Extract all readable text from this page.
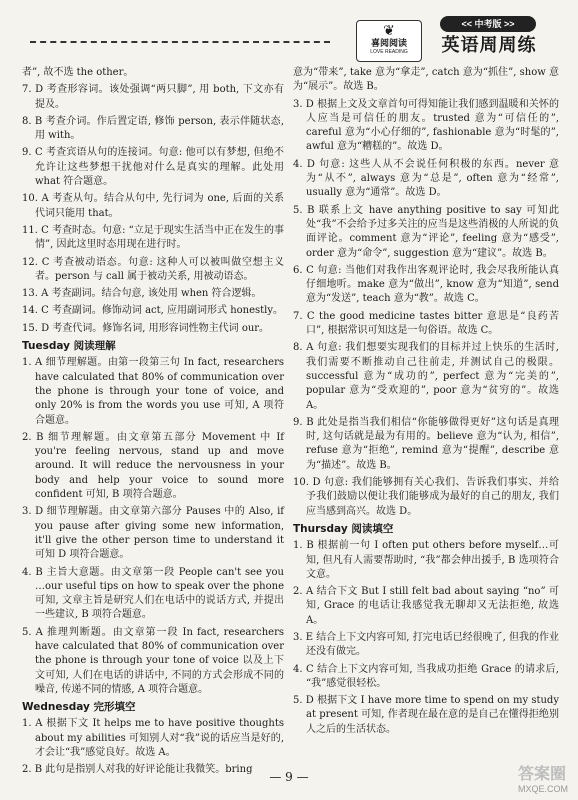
❦
喜阅阅读
LOVE READING
<< 中考版 >>
英语周周练
者”, 故不选 the other。
7. D 考查形容词。该处强调“两只脚”, 用 both, 下文亦有提及。
8. B 考查介词。作后置定语, 修饰 person, 表示伴随状态, 用 with。
9. C 考查宾语从句的连接词。句意: 他可以有梦想, 但绝不允许让这些梦想干扰他对什么是真实的理解。此处用 what 符合题意。
10. A 考查从句。结合从句中, 先行词为 one, 后面的关系代词只能用 that。
11. C 考查时态。句意: “立足于现实生活当中正在发生的事情”, 因此这里时态用现在进行时。
12. C 考查被动语态。句意: 这种人可以被叫做空想主义者。person 与 call 属于被动关系, 用被动语态。
13. A 考查副词。结合句意, 该处用 when 符合逻辑。
14. C 考查副词。修饰动词 act, 应用副词形式 honestly。
15. D 考查代词。修饰名词, 用形容词性物主代词 our。
Tuesday 阅读理解
1. A 细节理解题。由第一段第三句 In fact, researchers have calculated that 80% of communication over the phone is through your tone of voice, and only 20% is from the words you use 可知, A 项符合题意。
2. B 细节理解题。由文章第五部分 Movement 中 If you're feeling nervous, stand up and move around. It will reduce the nervousness in your body and help your voice to sound more confident 可知, B 项符合题意。
3. D 细节理解题。由文章第六部分 Pauses 中的 Also, if you pause after giving some new information, it'll give the other person time to understand it 可知 D 项符合题意。
4. B 主旨大意题。由文章第一段 People can't see you …our useful tips on how to speak over the phone 可知, 文章主旨是研究人们在电话中的说话方式, 并提出一些建议, B 项符合题意。
5. A 推理判断题。由文章第一段 In fact, researchers have calculated that 80% of communication over the phone is through your tone of voice 以及上下文可知, 人们在电话的讲话中, 不同的方式会形成不同的噪音, 传递不同的情感, A 项符合题意。
Wednesday 完形填空
1. A 根据下文 It helps me to have positive thoughts about my abilities 可知别人对“我”说的话应当是好的, 才会让“我”感觉良好。故选 A。
2. B 此句是指别人对我的好评论能让我微笑。bring
意为“带来”, take 意为“拿走”, catch 意为“抓住”, show 意为“展示”。故选 B。
3. D 根据上文及文章首句可得知能让我们感到温暖和关怀的人应当是可信任的朋友。trusted 意为“可信任的”, careful 意为“小心仔细的”, fashionable 意为“时髦的”, awful 意为“糟糕的”。故选 D。
4. D 句意: 这些人从不会说任何积极的东西。never 意为“从不”, always 意为“总是”, often 意为“经常”, usually 意为“通常”。故选 D。
5. B 联系上文 have anything positive to say 可知此处“我”不会给予过多关注的应当是这些消极的人所说的负面评论。comment 意为“评论”, feeling 意为“感受”, order 意为“命令”, suggestion 意为“建议”。故选 B。
6. C 句意: 当他们对我作出客观评论时, 我会尽我所能认真仔细地听。make 意为“做出”, know 意为“知道”, send 意为“发送”, teach 意为“教”。故选 C。
7. C the good medicine tastes bitter 意思是“良药苦口”, 根据常识可知这是一句俗语。故选 C。
8. A 句意: 我们想要实现我们的目标并过上快乐的生活时, 我们需要不断推动自己往前走, 并测试自己的极限。successful 意为“成功的”, perfect 意为“完美的”, popular 意为“受欢迎的”, poor 意为“贫穷的”。故选 A。
9. B 此处是指当我们相信“你能够做得更好”这句话是真理时, 这句话就是最为有用的。believe 意为“认为, 相信”, refuse 意为“拒绝”, remind 意为“提醒”, describe 意为“描述”。故选 B。
10. D 句意: 我们能够拥有关心我们、告诉我们事实、并给予我们鼓励以便让我们能够成为最好的自己的朋友, 我们应当感到高兴。故选 D。
Thursday 阅读填空
1. B 根据前一句 I often put others before myself…可知, 但凡有人需要帮助时, “我”都会伸出援手, B 选项符合文意。
2. A 结合下文 But I still felt bad about saying “no” 可知, Grace 的电话让我感觉我无聊却又无法拒绝, 故选 A。
3. E 结合上下文内容可知, 打完电话已经很晚了, 但我的作业还没有做完。
4. C 结合上下文内容可知, 当我成功拒绝 Grace 的请求后, “我”感觉很轻松。
5. D 根据下文 I have more time to spend on my study at present 可知, 作者现在最在意的是自己在懂得拒绝别人之后的生活状态。
— 9 —	答案圈
MXQE.COM
